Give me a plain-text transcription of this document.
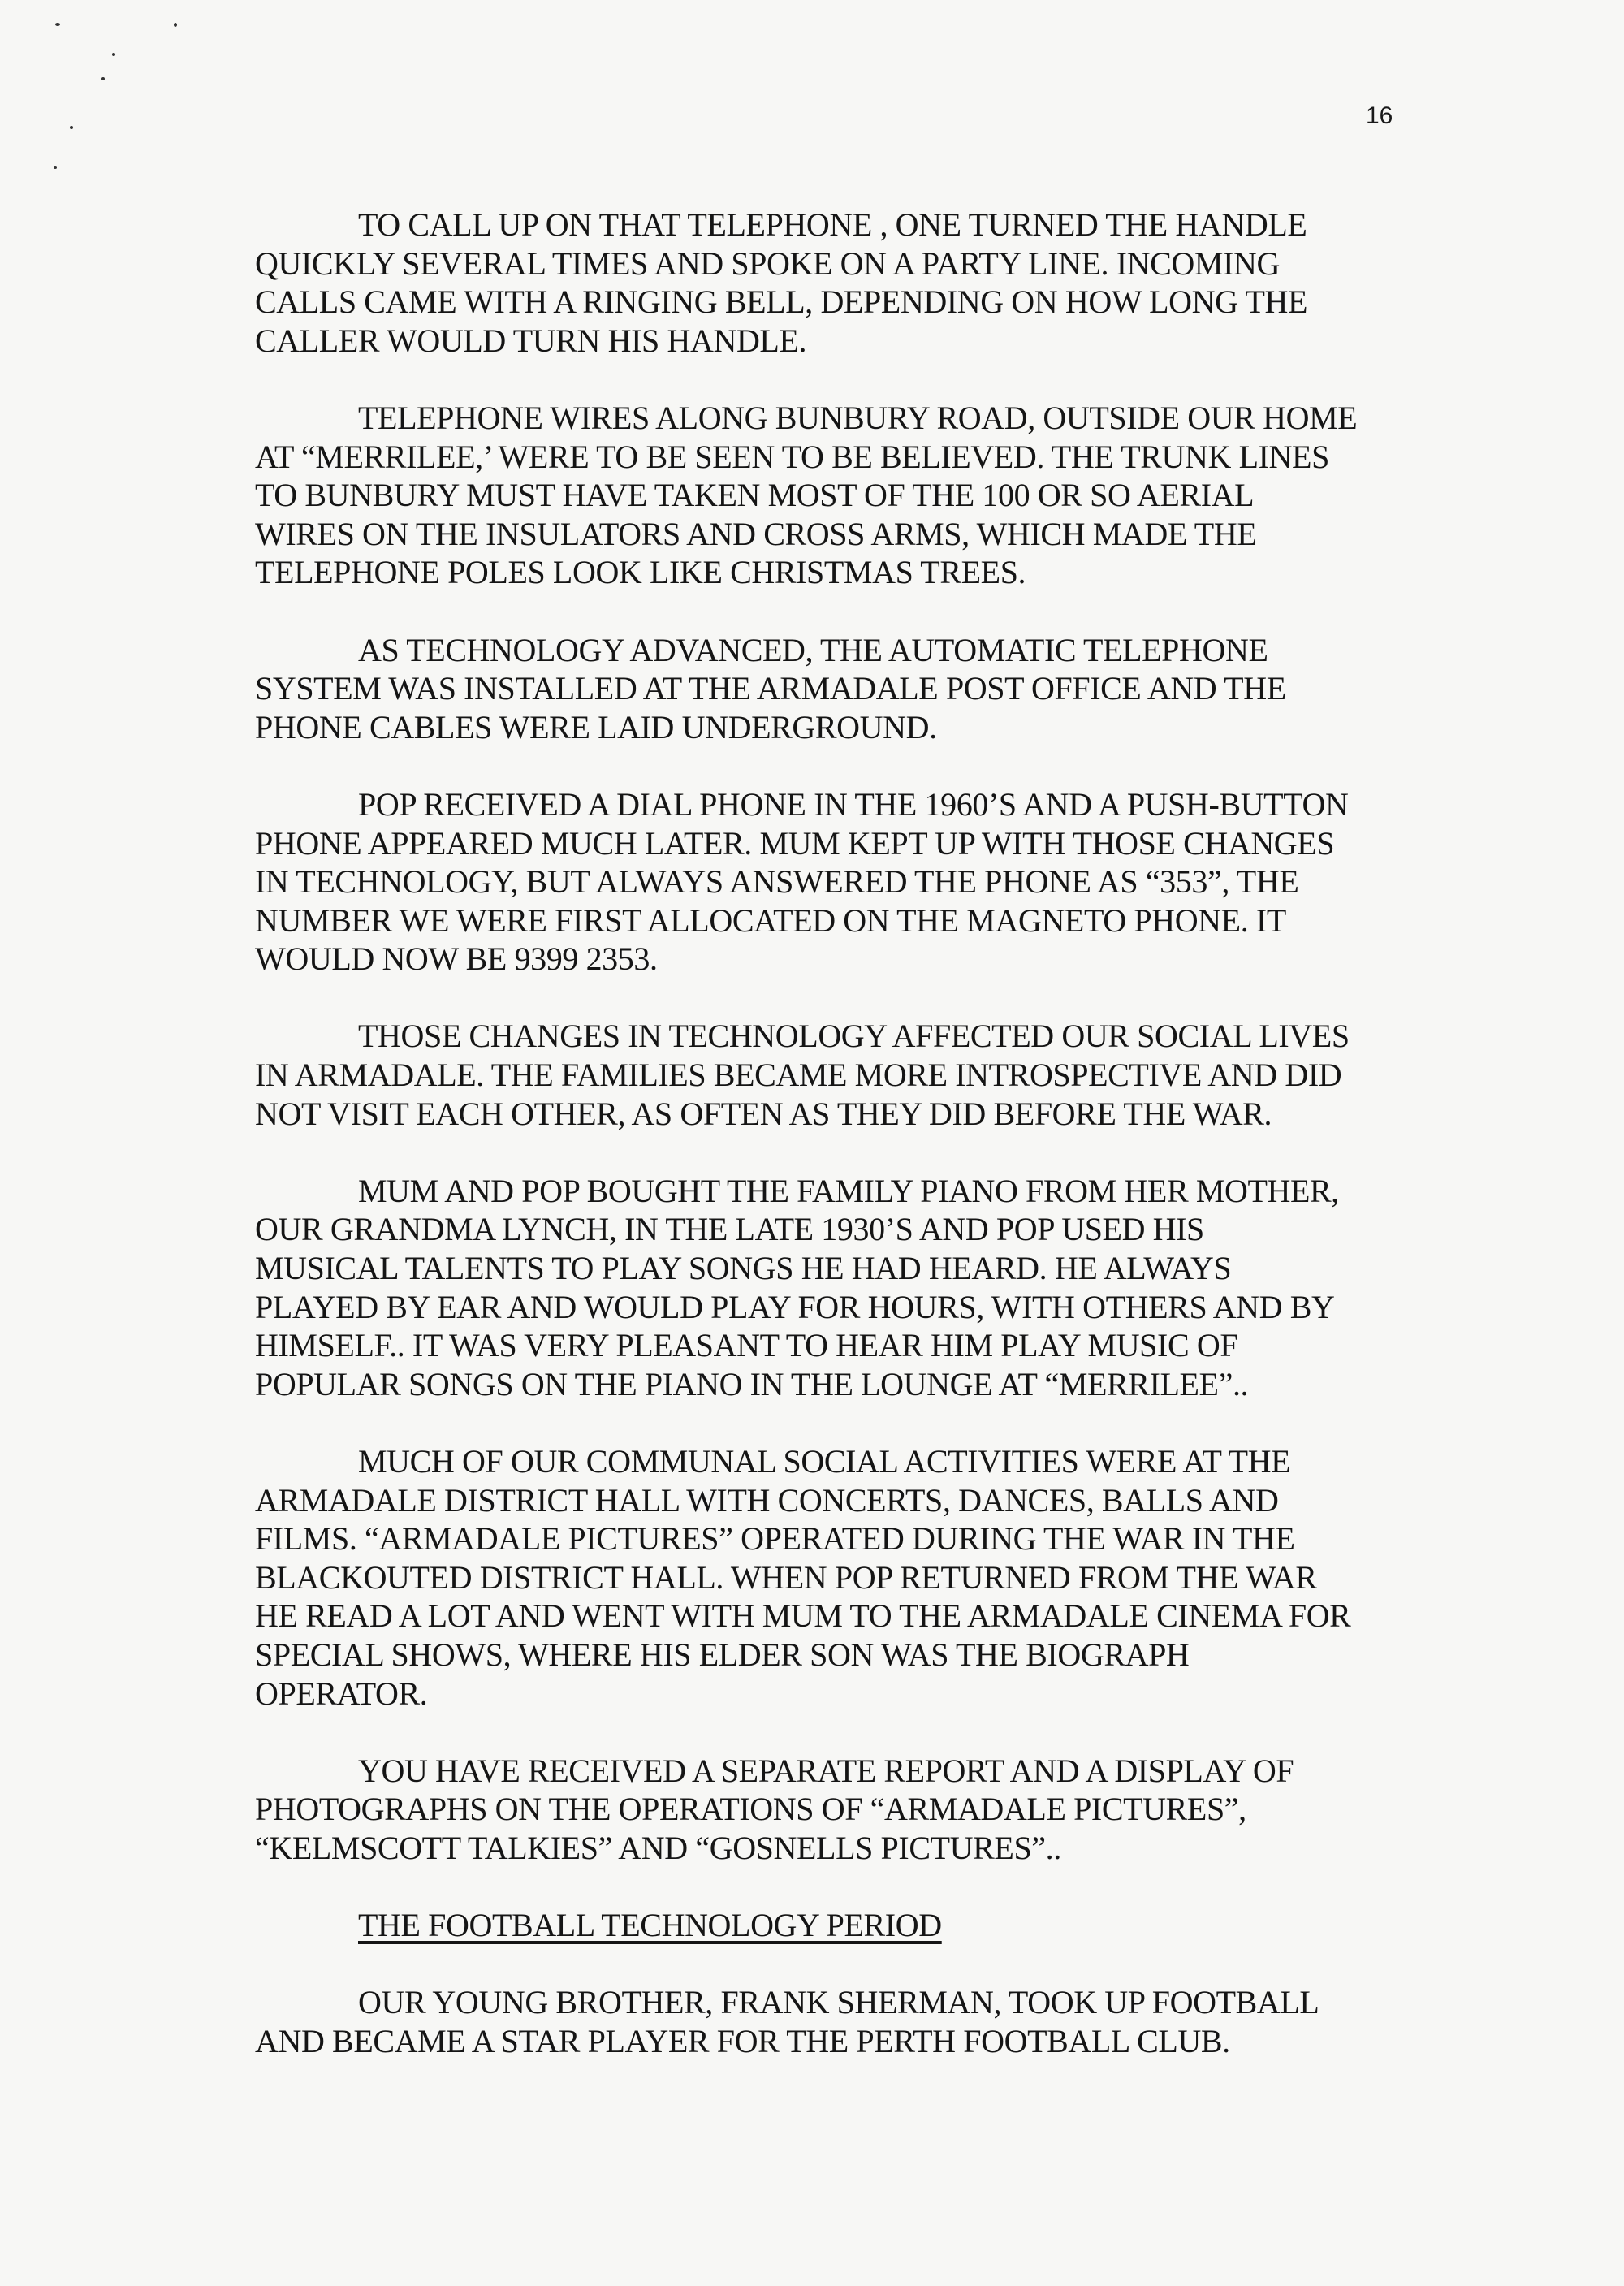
16
TO CALL UP ON THAT TELEPHONE , ONE TURNED THE HANDLE
QUICKLY SEVERAL TIMES AND SPOKE ON A PARTY LINE. INCOMING
CALLS CAME WITH A RINGING BELL, DEPENDING ON HOW LONG THE
CALLER WOULD TURN HIS HANDLE.
TELEPHONE WIRES ALONG BUNBURY ROAD, OUTSIDE OUR HOME
AT “MERRILEE,’ WERE TO BE SEEN TO BE BELIEVED. THE TRUNK LINES
TO BUNBURY MUST HAVE TAKEN MOST OF THE 100 OR SO AERIAL
WIRES ON THE INSULATORS AND CROSS ARMS, WHICH MADE THE
TELEPHONE POLES LOOK LIKE CHRISTMAS TREES.
AS TECHNOLOGY ADVANCED, THE AUTOMATIC TELEPHONE
SYSTEM WAS INSTALLED AT THE ARMADALE POST OFFICE AND THE
PHONE CABLES WERE LAID UNDERGROUND.
POP RECEIVED A DIAL PHONE IN THE 1960’S AND A PUSH-BUTTON
PHONE APPEARED MUCH LATER. MUM KEPT UP WITH THOSE CHANGES
IN TECHNOLOGY, BUT ALWAYS ANSWERED THE PHONE AS “353”, THE
NUMBER WE WERE FIRST ALLOCATED ON THE MAGNETO PHONE. IT
WOULD NOW BE 9399 2353.
THOSE CHANGES IN TECHNOLOGY AFFECTED OUR SOCIAL LIVES
IN ARMADALE. THE FAMILIES BECAME MORE INTROSPECTIVE AND DID
NOT VISIT EACH OTHER, AS OFTEN AS THEY DID BEFORE THE WAR.
MUM AND POP BOUGHT THE FAMILY PIANO FROM HER MOTHER,
OUR GRANDMA LYNCH, IN THE LATE 1930’S AND POP USED HIS
MUSICAL TALENTS TO PLAY SONGS HE HAD HEARD. HE ALWAYS
PLAYED BY EAR AND WOULD PLAY FOR HOURS, WITH OTHERS AND BY
HIMSELF.. IT WAS VERY PLEASANT TO HEAR HIM PLAY MUSIC OF
POPULAR SONGS ON THE PIANO IN THE LOUNGE AT “MERRILEE”..
MUCH OF OUR COMMUNAL SOCIAL ACTIVITIES WERE AT THE
ARMADALE DISTRICT HALL WITH CONCERTS, DANCES, BALLS AND
FILMS. “ARMADALE PICTURES” OPERATED DURING THE WAR IN THE
BLACKOUTED DISTRICT HALL. WHEN POP RETURNED FROM THE WAR
HE READ A LOT AND WENT WITH MUM TO THE ARMADALE CINEMA FOR
SPECIAL SHOWS, WHERE HIS ELDER SON WAS THE BIOGRAPH
OPERATOR.
YOU HAVE RECEIVED A SEPARATE REPORT AND A DISPLAY OF
PHOTOGRAPHS ON THE OPERATIONS OF “ARMADALE PICTURES”,
“KELMSCOTT TALKIES” AND “GOSNELLS PICTURES”..
THE FOOTBALL TECHNOLOGY PERIOD
OUR YOUNG BROTHER, FRANK SHERMAN, TOOK UP FOOTBALL
AND BECAME A STAR PLAYER FOR THE PERTH FOOTBALL CLUB.
